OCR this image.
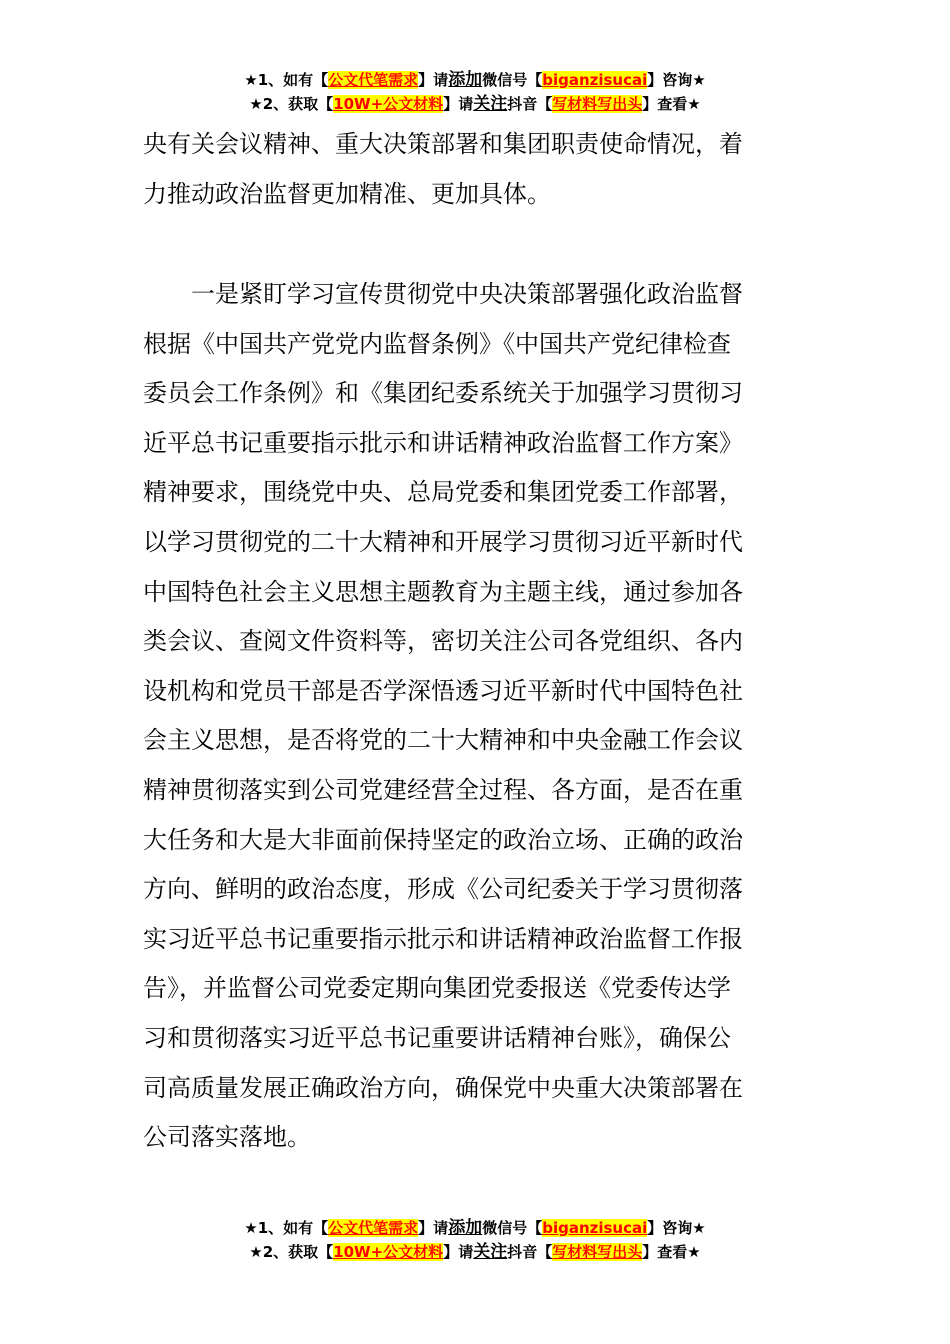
★1、如有【公文代笔需求】请添加微信号【biganzisucai】咨询★
★2、获取【10W+公文材料】请关注抖音【写材料写出头】查看★
央有关会议精神、重大决策部署和集团职责使命情况，着
力推动政治监督更加精准、更加具体。
　　一是紧盯学习宣传贯彻党中央决策部署强化政治监督
根据《中国共产党党内监督条例》《中国共产党纪律检查
委员会工作条例》和《集团纪委系统关于加强学习贯彻习
近平总书记重要指示批示和讲话精神政治监督工作方案》
精神要求，围绕党中央、总局党委和集团党委工作部署，
以学习贯彻党的二十大精神和开展学习贯彻习近平新时代
中国特色社会主义思想主题教育为主题主线，通过参加各
类会议、查阅文件资料等，密切关注公司各党组织、各内
设机构和党员干部是否学深悟透习近平新时代中国特色社
会主义思想，是否将党的二十大精神和中央金融工作会议
精神贯彻落实到公司党建经营全过程、各方面，是否在重
大任务和大是大非面前保持坚定的政治立场、正确的政治
方向、鲜明的政治态度，形成《公司纪委关于学习贯彻落
实习近平总书记重要指示批示和讲话精神政治监督工作报
告》，并监督公司党委定期向集团党委报送《党委传达学
习和贯彻落实习近平总书记重要讲话精神台账》，确保公
司高质量发展正确政治方向，确保党中央重大决策部署在
公司落实落地。
★1、如有【公文代笔需求】请添加微信号【biganzisucai】咨询★
★2、获取【10W+公文材料】请关注抖音【写材料写出头】查看★
